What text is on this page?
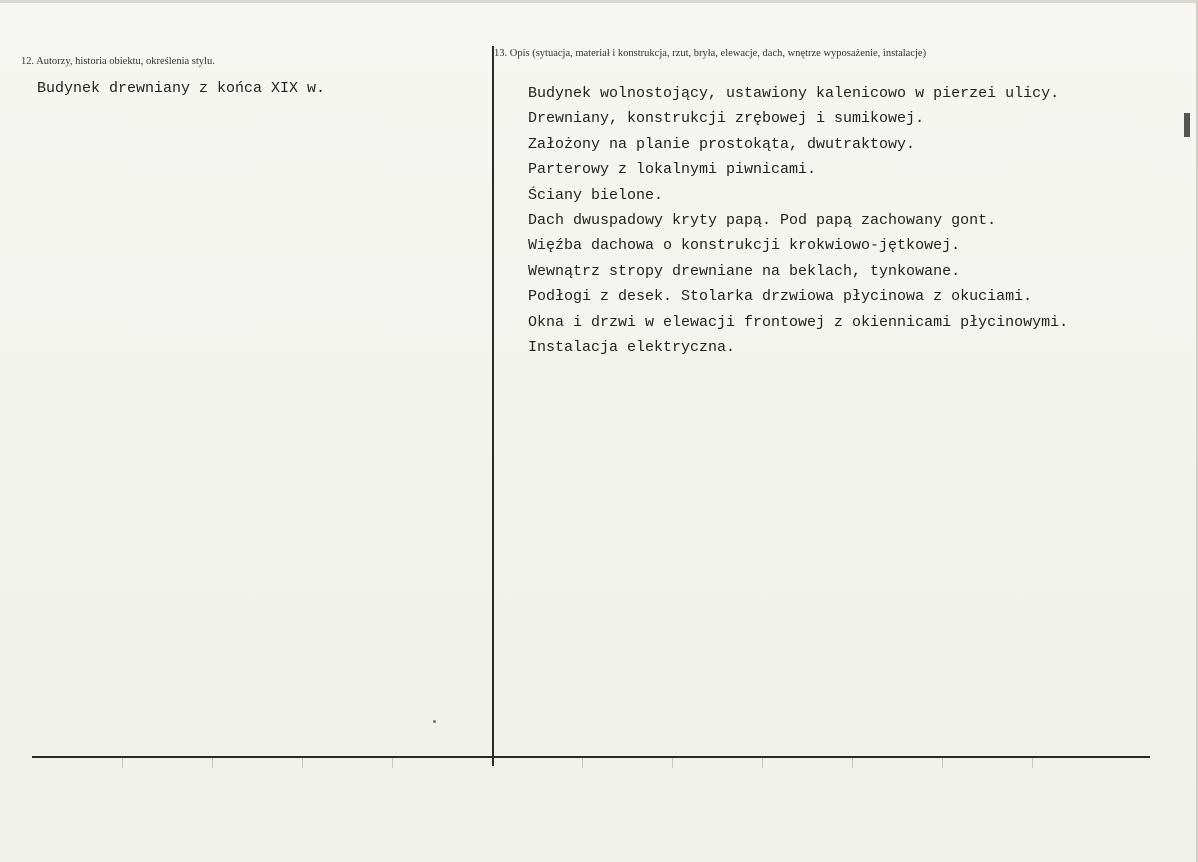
12. Autorzy, historia obiektu, określenia stylu.
Budynek drewniany z końca XIX w.
13. Opis (sytuacja, materiał i konstrukcja, rzut, bryła, elewacje, dach, wnętrze wyposażenie, instalacje)
Budynek wolnostojący, ustawiony kalenicowo w pierzei ulicy.
Drewniany, konstrukcji zrębowej i sumikowej.
Założony na planie prostokąta, dwutraktowy.
Parterowy z lokalnymi piwnicami.
Ściany bielone.
Dach dwuspadowy kryty papą. Pod papą zachowany gont.
Więźba dachowa o konstrukcji krokwiowo-jętkowej.
Wewnątrz stropy drewniane na beklach, tynkowane.
Podłogi z desek. Stolarka drzwiowa płycinowa z okuciami.
Okna i drzwi w elewacji frontowej z okiennicami płycinowymi.
Instalacja elektryczna.
